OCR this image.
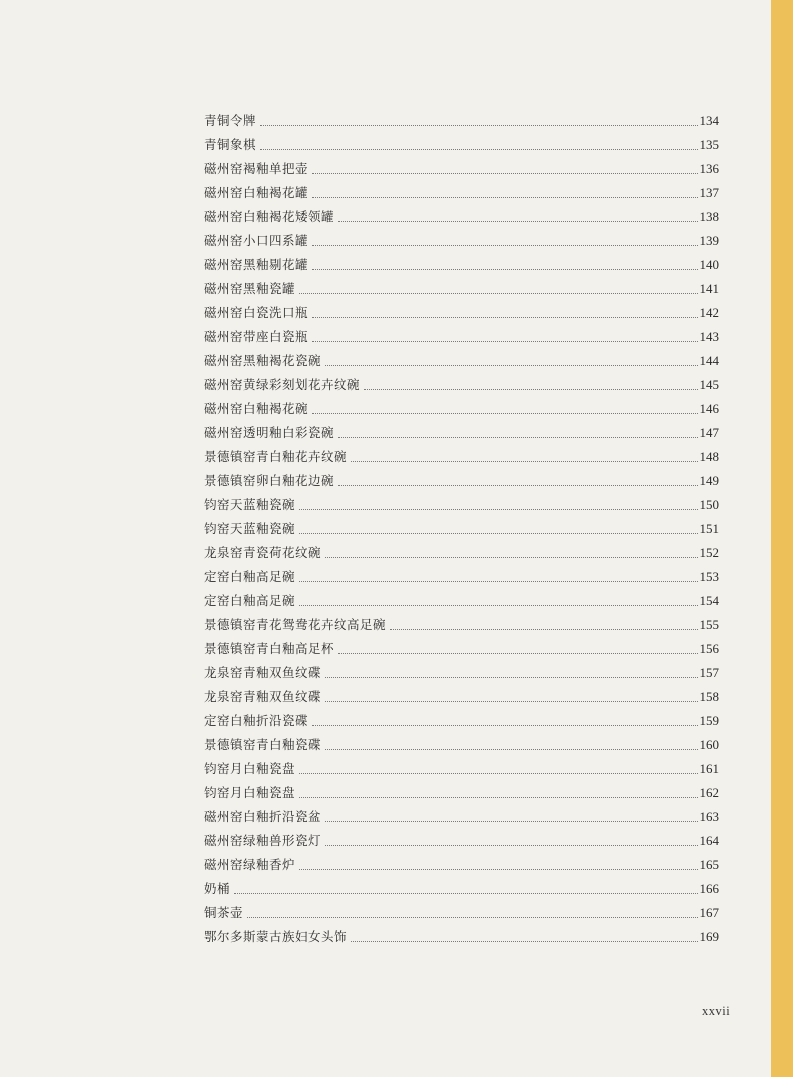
青铜令牌	134
青铜象棋	135
磁州窑褐釉单把壶	136
磁州窑白釉褐花罐	137
磁州窑白釉褐花矮领罐	138
磁州窑小口四系罐	139
磁州窑黑釉剔花罐	140
磁州窑黑釉瓷罐	141
磁州窑白瓷洗口瓶	142
磁州窑带座白瓷瓶	143
磁州窑黑釉褐花瓷碗	144
磁州窑黄绿彩刻划花卉纹碗	145
磁州窑白釉褐花碗	146
磁州窑透明釉白彩瓷碗	147
景德镇窑青白釉花卉纹碗	148
景德镇窑卵白釉花边碗	149
钧窑天蓝釉瓷碗	150
钧窑天蓝釉瓷碗	151
龙泉窑青瓷荷花纹碗	152
定窑白釉高足碗	153
定窑白釉高足碗	154
景德镇窑青花鸳鸯花卉纹高足碗	155
景德镇窑青白釉高足杯	156
龙泉窑青釉双鱼纹碟	157
龙泉窑青釉双鱼纹碟	158
定窑白釉折沿瓷碟	159
景德镇窑青白釉瓷碟	160
钧窑月白釉瓷盘	161
钧窑月白釉瓷盘	162
磁州窑白釉折沿瓷盆	163
磁州窑绿釉兽形瓷灯	164
磁州窑绿釉香炉	165
奶桶	166
铜茶壶	167
鄂尔多斯蒙古族妇女头饰	169
xxvii
